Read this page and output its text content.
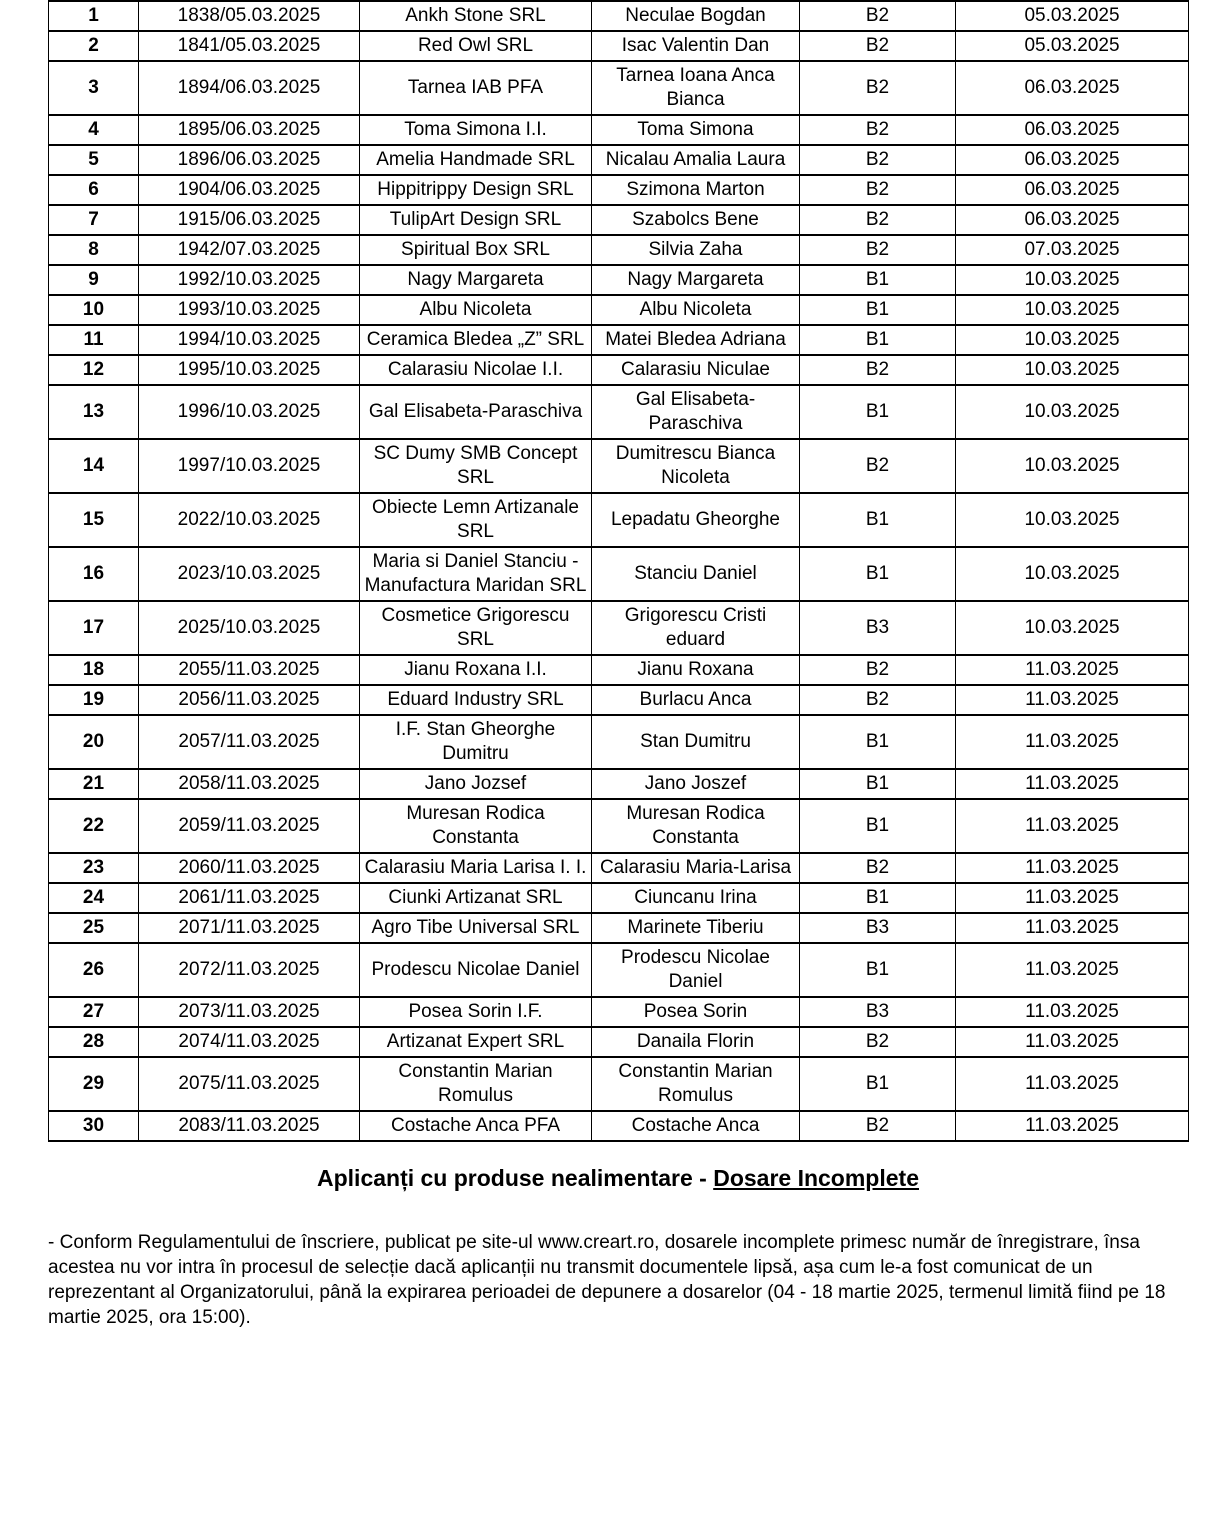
1	1838/05.03.2025	Ankh Stone SRL	Neculae Bogdan	B2	05.03.2025
2	1841/05.03.2025	Red Owl SRL	Isac Valentin Dan	B2	05.03.2025
3	1894/06.03.2025	Tarnea IAB PFA	Tarnea Ioana Anca Bianca	B2	06.03.2025
4	1895/06.03.2025	Toma Simona I.I.	Toma Simona	B2	06.03.2025
5	1896/06.03.2025	Amelia Handmade SRL	Nicalau Amalia Laura	B2	06.03.2025
6	1904/06.03.2025	Hippitrippy Design SRL	Szimona Marton	B2	06.03.2025
7	1915/06.03.2025	TulipArt Design SRL	Szabolcs Bene	B2	06.03.2025
8	1942/07.03.2025	Spiritual Box SRL	Silvia Zaha	B2	07.03.2025
9	1992/10.03.2025	Nagy Margareta	Nagy Margareta	B1	10.03.2025
10	1993/10.03.2025	Albu Nicoleta	Albu Nicoleta	B1	10.03.2025
11	1994/10.03.2025	Ceramica Bledea „Z” SRL	Matei Bledea Adriana	B1	10.03.2025
12	1995/10.03.2025	Calarasiu Nicolae I.I.	Calarasiu Niculae	B2	10.03.2025
13	1996/10.03.2025	Gal Elisabeta-Paraschiva	Gal Elisabeta-Paraschiva	B1	10.03.2025
14	1997/10.03.2025	SC Dumy SMB Concept SRL	Dumitrescu Bianca Nicoleta	B2	10.03.2025
15	2022/10.03.2025	Obiecte Lemn Artizanale SRL	Lepadatu Gheorghe	B1	10.03.2025
16	2023/10.03.2025	Maria si Daniel Stanciu - Manufactura Maridan SRL	Stanciu Daniel	B1	10.03.2025
17	2025/10.03.2025	Cosmetice Grigorescu SRL	Grigorescu Cristi eduard	B3	10.03.2025
18	2055/11.03.2025	Jianu Roxana I.I.	Jianu Roxana	B2	11.03.2025
19	2056/11.03.2025	Eduard Industry SRL	Burlacu Anca	B2	11.03.2025
20	2057/11.03.2025	I.F. Stan Gheorghe Dumitru	Stan Dumitru	B1	11.03.2025
21	2058/11.03.2025	Jano Jozsef	Jano Joszef	B1	11.03.2025
22	2059/11.03.2025	Muresan Rodica Constanta	Muresan Rodica Constanta	B1	11.03.2025
23	2060/11.03.2025	Calarasiu Maria Larisa I. I.	Calarasiu Maria-Larisa	B2	11.03.2025
24	2061/11.03.2025	Ciunki Artizanat SRL	Ciuncanu Irina	B1	11.03.2025
25	2071/11.03.2025	Agro Tibe Universal SRL	Marinete Tiberiu	B3	11.03.2025
26	2072/11.03.2025	Prodescu Nicolae Daniel	Prodescu Nicolae Daniel	B1	11.03.2025
27	2073/11.03.2025	Posea Sorin I.F.	Posea Sorin	B3	11.03.2025
28	2074/11.03.2025	Artizanat Expert SRL	Danaila Florin	B2	11.03.2025
29	2075/11.03.2025	Constantin Marian Romulus	Constantin Marian Romulus	B1	11.03.2025
30	2083/11.03.2025	Costache Anca PFA	Costache Anca	B2	11.03.2025
Aplicanți cu produse nealimentare - Dosare Incomplete

- Conform Regulamentului de înscriere, publicat pe site-ul www.creart.ro, dosarele incomplete primesc număr de înregistrare, însa acestea nu vor intra în procesul de selecție dacă aplicanții nu transmit documentele lipsă, așa cum le-a fost comunicat de un reprezentant al Organizatorului, până la expirarea perioadei de depunere a dosarelor (04 - 18 martie 2025, termenul limită fiind pe 18 martie 2025, ora 15:00).
